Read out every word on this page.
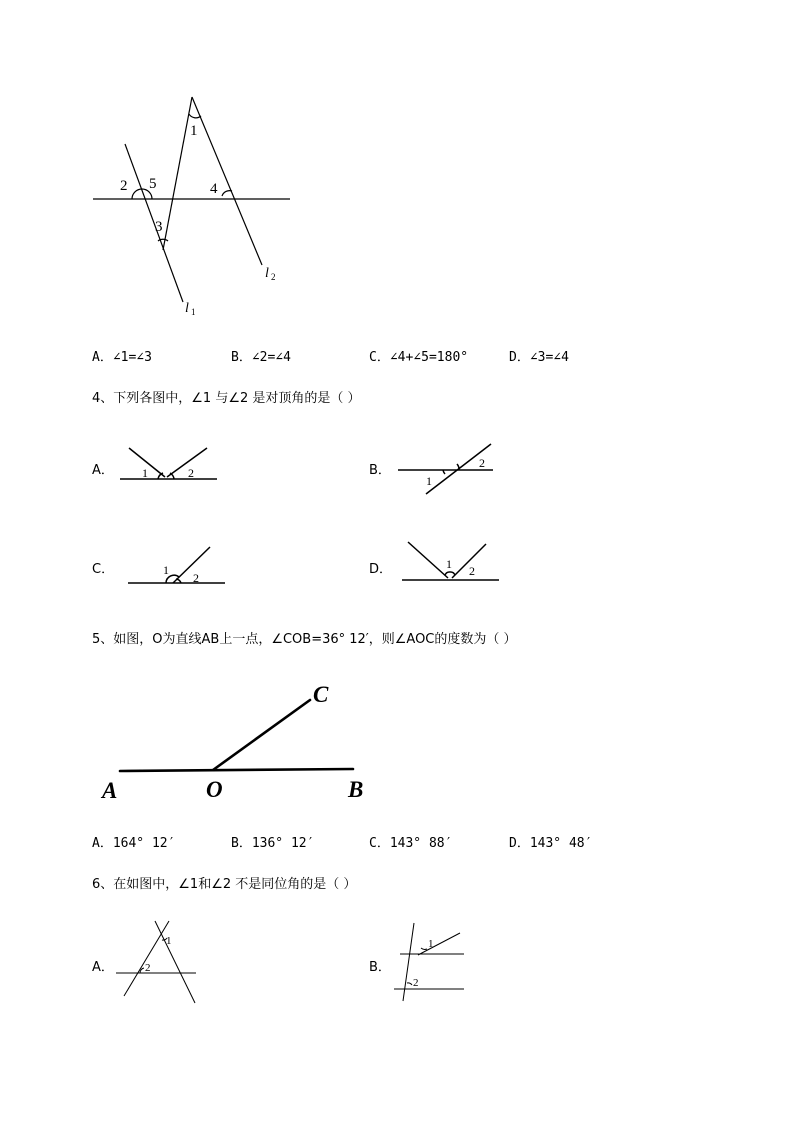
1
2 5	4
3
l 2
l 1
A．∠1=∠3	B．∠2=∠4	C．∠4+∠5=180°	D．∠3=∠4
4、下列各图中，∠1 与∠2 是对顶角的是（ ）
A． 1	2	B．
1
2
C．	1
2
D．	1 2
5、如图，O为直线AB上一点，∠COB=36° 12′，则∠AOC的度数为（ ）
A	O	B
C
A．164° 12′	B．136° 12′	C．143° 88′	D．143° 48′
6、在如图中，∠1和∠2 不是同位角的是（ ）
A．
1
2	B．
1
2
